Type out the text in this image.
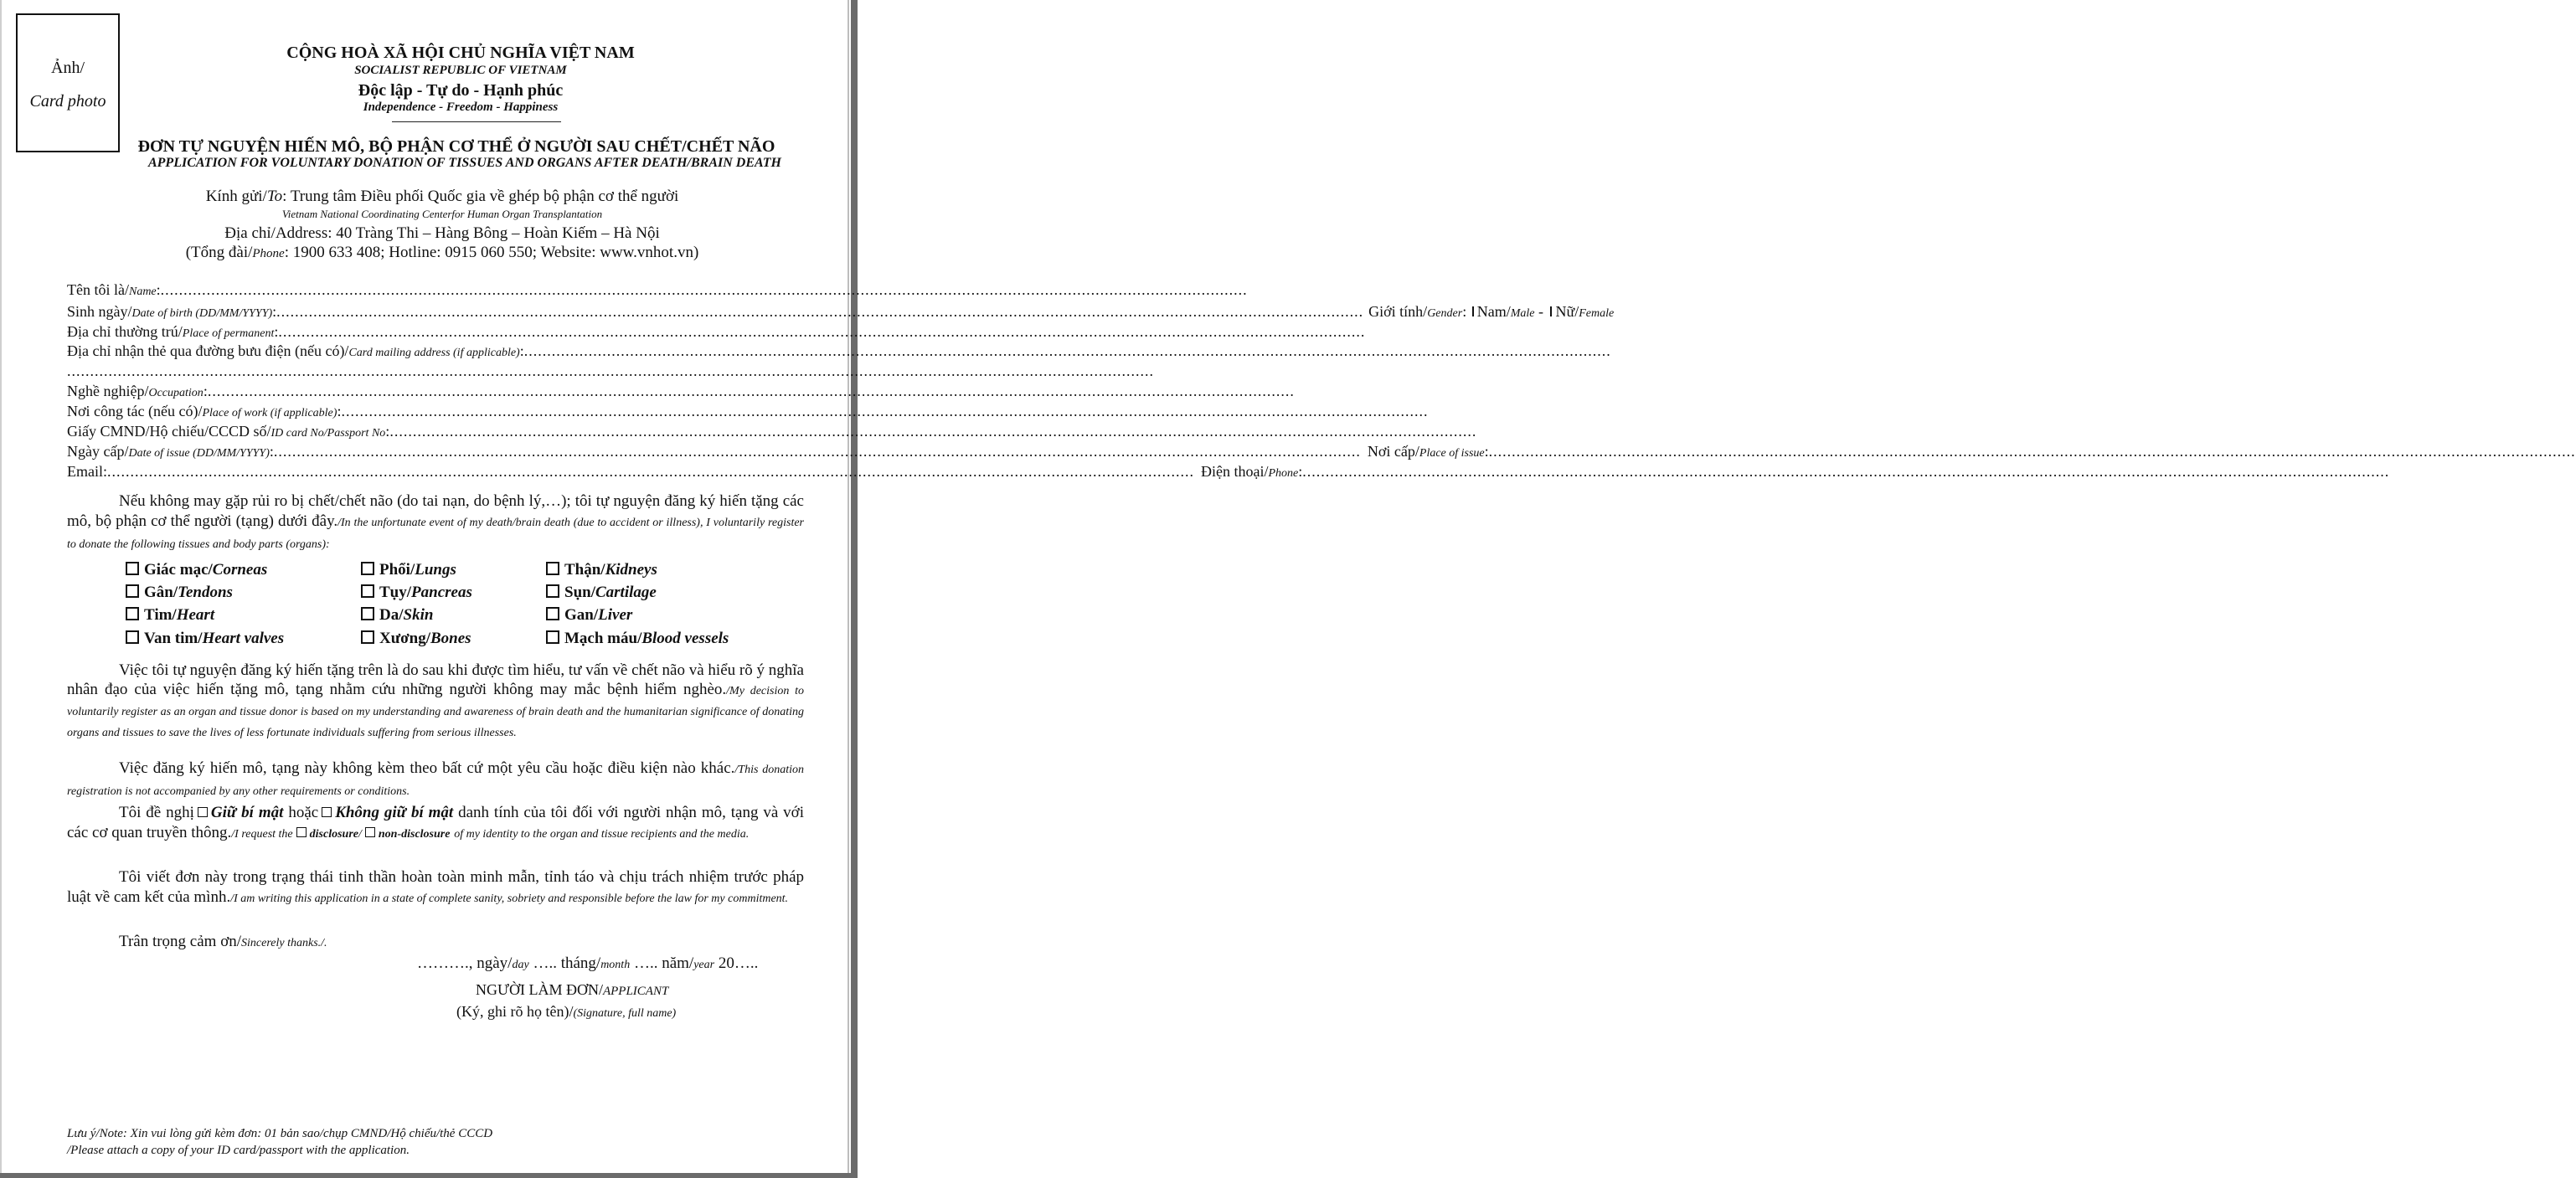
Ảnh/
Card photo
CỘNG HOÀ XÃ HỘI CHỦ NGHĨA VIỆT NAM
SOCIALIST REPUBLIC OF VIETNAM
Độc lập - Tự do - Hạnh phúc
Independence - Freedom - Happiness
ĐƠN TỰ NGUYỆN HIẾN MÔ, BỘ PHẬN CƠ THỂ Ở NGƯỜI SAU CHẾT/CHẾT NÃO
APPLICATION FOR VOLUNTARY DONATION OF TISSUES AND ORGANS AFTER DEATH/BRAIN DEATH
Kính gửi/To: Trung tâm Điều phối Quốc gia về ghép bộ phận cơ thể người
Vietnam National Coordinating Centerfor Human Organ Transplantation
Địa chỉ/Address: 40 Tràng Thi – Hàng Bông – Hoàn Kiếm – Hà Nội
(Tổng đài/Phone: 1900 633 408; Hotline: 0915 060 550; Website: www.vnhot.vn)
Tên tôi là/ Name : ............................................................................................................................................................................................................................................
Sinh ngày/ Date of birth (DD/MM/YYYY) : ............................................................................................................................................................................................................................................ Giới tính/ Gender : Nam/ Male - Nữ/ Female
Địa chỉ thường trú/ Place of permanent : ............................................................................................................................................................................................................................................
Địa chỉ nhận thẻ qua đường bưu điện (nếu có)/ Card mailing address (if applicable) : ............................................................................................................................................................................................................................................
............................................................................................................................................................................................................................................
Nghề nghiệp/ Occupation : ............................................................................................................................................................................................................................................
Nơi công tác (nếu có)/ Place of work (if applicable) : ............................................................................................................................................................................................................................................
Giấy CMND/Hộ chiếu/CCCD số/ ID card No/Passport No : ............................................................................................................................................................................................................................................
Ngày cấp/ Date of issue (DD/MM/YYYY) : ............................................................................................................................................................................................................................................ Nơi cấp/ Place of issue : ............................................................................................................................................................................................................................................
Email : ............................................................................................................................................................................................................................................ Điện thoại/ Phone : ............................................................................................................................................................................................................................................
Nếu không may gặp rủi ro bị chết/chết não (do tai nạn, do bệnh lý,…); tôi tự nguyện đăng ký hiến tặng các mô, bộ phận cơ thể người (tạng) dưới đây./In the unfortunate event of my death/brain death (due to accident or illness), I voluntarily register to donate the following tissues and body parts (organs):
Giác mạc/Corneas	Phổi/Lungs	Thận/Kidneys
Gân/Tendons	Tụy/Pancreas	Sụn/Cartilage
Tim/Heart	Da/Skin	Gan/Liver
Van tim/Heart valves	Xương/Bones	Mạch máu/Blood vessels
Việc tôi tự nguyện đăng ký hiến tặng trên là do sau khi được tìm hiểu, tư vấn về chết não và hiểu rõ ý nghĩa nhân đạo của việc hiến tặng mô, tạng nhằm cứu những người không may mắc bệnh hiểm nghèo./My decision to voluntarily register as an organ and tissue donor is based on my understanding and awareness of brain death and the humanitarian significance of donating organs and tissues to save the lives of less fortunate individuals suffering from serious illnesses.
Việc đăng ký hiến mô, tạng này không kèm theo bất cứ một yêu cầu hoặc điều kiện nào khác./This donation registration is not accompanied by any other requirements or conditions.
Tôi đề nghị Giữ bí mật hoặc Không giữ bí mật danh tính của tôi đối với người nhận mô, tạng và với các cơ quan truyền thông./I request the disclosure/ non-disclosure of my identity to the organ and tissue recipients and the media.
Tôi viết đơn này trong trạng thái tinh thần hoàn toàn minh mẫn, tỉnh táo và chịu trách nhiệm trước pháp luật về cam kết của mình./I am writing this application in a state of complete sanity, sobriety and responsible before the law for my commitment.
Trân trọng cảm ơn/Sincerely thanks./.
………., ngày/day ….. tháng/month ….. năm/year 20…..
NGƯỜI LÀM ĐƠN/APPLICANT
(Ký, ghi rõ họ tên)/(Signature, full name)
Lưu ý/Note: Xin vui lòng gửi kèm đơn: 01 bản sao/chụp CMND/Hộ chiếu/thẻ CCCD
/Please attach a copy of your ID card/passport with the application.
